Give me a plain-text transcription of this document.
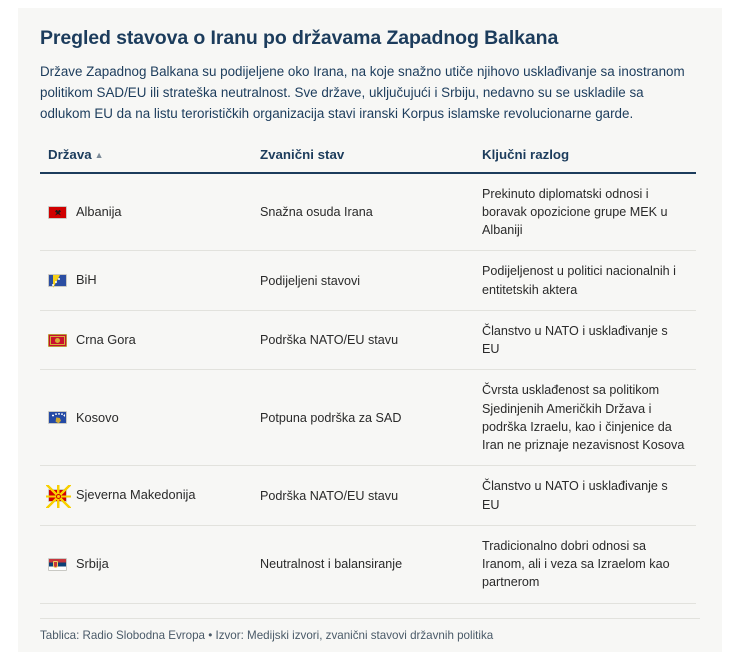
Pregled stavova o Iranu po državama Zapadnog Balkana

Države Zapadnog Balkana su podijeljene oko Irana, na koje snažno utiče njihovo usklađivanje sa inostranom politikom SAD/EU ili strateška neutralnost. Sve države, uključujući i Srbiju, nedavno su se uskladile sa odlukom EU da na listu terorističkih organizacija stavi iranski Korpus islamske revolucionarne garde.

Država ▲	Zvanični stav	Ključni razlog

Albanija	Snažna osuda Irana	Prekinuto diplomatski odnosi i boravak opozicione grupe MEK u Albaniji

BiH	Podijeljeni stavovi	Podijeljenost u politici nacionalnih i entitetskih aktera

Crna Gora	Podrška NATO/EU stavu	Članstvo u NATO i usklađivanje s EU

Kosovo	Potpuna podrška za SAD	Čvrsta usklađenost sa politikom Sjedinjenih Američkih Država i podrška Izraelu, kao i činjenice da Iran ne priznaje nezavisnost Kosova

Sjeverna Makedonija	Podrška NATO/EU stavu	Članstvo u NATO i usklađivanje s EU

Srbija	Neutralnost i balansiranje	Tradicionalno dobri odnosi sa Iranom, ali i veza sa Izraelom kao partnerom

Tablica: Radio Slobodna Evropa • Izvor: Medijski izvori, zvanični stavovi državnih politika
